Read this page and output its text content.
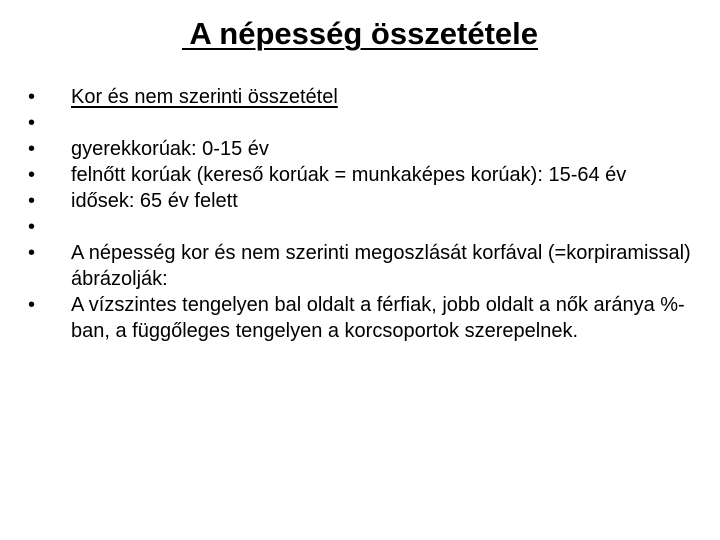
A népesség összetétele
• Kor és nem szerinti összetétel
•
• gyerekkorúak: 0-15 év
• felnőtt korúak (kereső korúak = munkaképes korúak): 15-64 év
• idősek: 65 év felett
•
• A népesség kor és nem szerinti megoszlását korfával (=korpiramissal) ábrázolják:
• A vízszintes tengelyen bal oldalt a férfiak, jobb oldalt a nők aránya %-ban, a függőleges tengelyen a korcsoportok szerepelnek.
